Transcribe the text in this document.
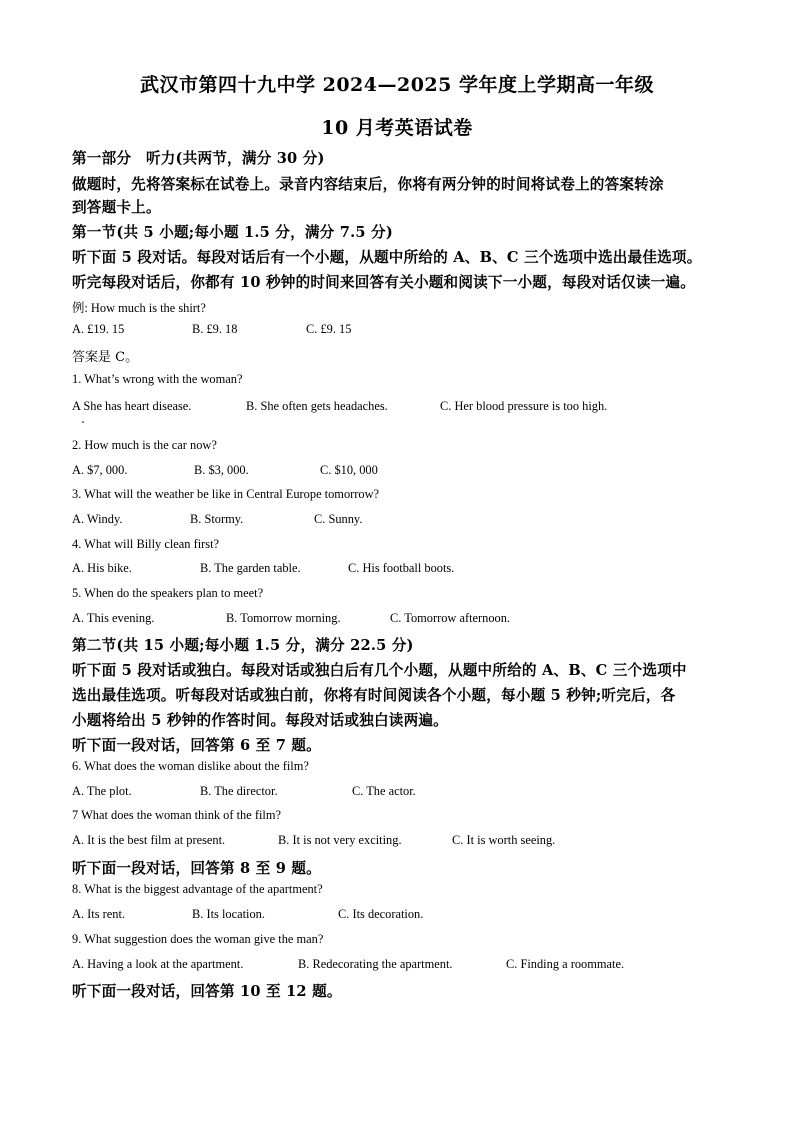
武汉市第四十九中学 2024—2025 学年度上学期高一年级
10 月考英语试卷
第一部分　听力(共两节，满分 30 分)
做题时，先将答案标在试卷上。录音内容结束后，你将有两分钟的时间将试卷上的答案转涂
到答题卡上。
第一节(共 5 小题;每小题 1.5 分，满分 7.5 分)
听下面 5 段对话。每段对话后有一个小题，从题中所给的 A、B、C 三个选项中选出最佳选项。
听完每段对话后，你都有 10 秒钟的时间来回答有关小题和阅读下一小题，每段对话仅读一遍。
例: How much is the shirt?
A. £19. 15	B. £9. 18	C. £9. 15
答案是 C。
1. What’s wrong with the woman?
A She has heart disease.	B. She often gets headaches.	C. Her blood pressure is too high.
2. How much is the car now?
A. $7, 000.	B. $3, 000.	C. $10, 000
3. What will the weather be like in Central Europe tomorrow?
A. Windy.	B. Stormy.	C. Sunny.
4. What will Billy clean first?
A. His bike.	B. The garden table.	C. His football boots.
5. When do the speakers plan to meet?
A. This evening.	B. Tomorrow morning.	C. Tomorrow afternoon.
第二节(共 15 小题;每小题 1.5 分，满分 22.5 分)
听下面 5 段对话或独白。每段对话或独白后有几个小题，从题中所给的 A、B、C 三个选项中
选出最佳选项。听每段对话或独白前，你将有时间阅读各个小题，每小题 5 秒钟;听完后，各
小题将给出 5 秒钟的作答时间。每段对话或独白读两遍。
听下面一段对话，回答第 6 至 7 题。
6. What does the woman dislike about the film?
A. The plot.	B. The director.	C. The actor.
7 What does the woman think of the film?
A. It is the best film at present.	B. It is not very exciting.	C. It is worth seeing.
听下面一段对话，回答第 8 至 9 题。
8. What is the biggest advantage of the apartment?
A. Its rent.	B. Its location.	C. Its decoration.
9. What suggestion does the woman give the man?
A. Having a look at the apartment.	B. Redecorating the apartment.	C. Finding a roommate.
听下面一段对话，回答第 10 至 12 题。
